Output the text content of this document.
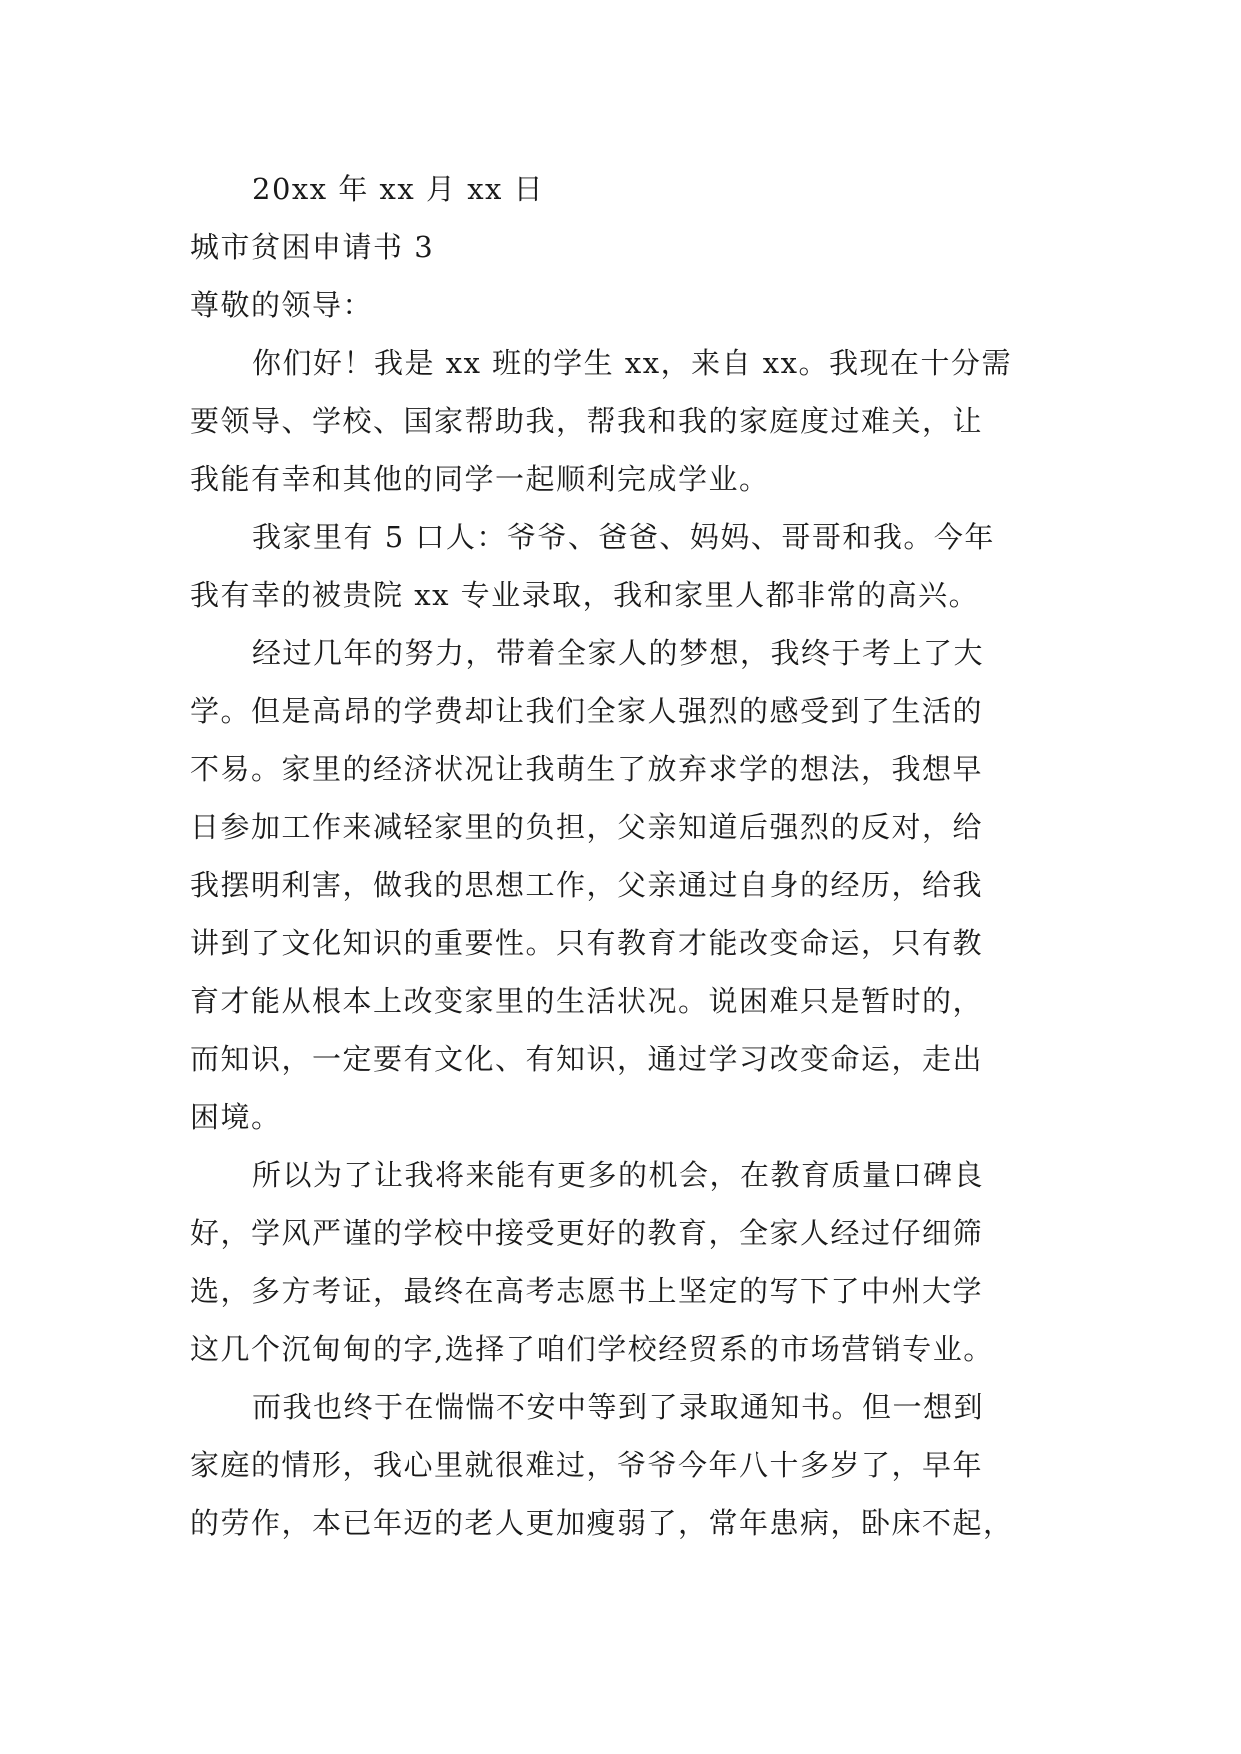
20xx 年 xx 月 xx 日
城市贫困申请书 3
尊敬的领导：
你们好！我是 xx 班的学生 xx，来自 xx。我现在十分需
要领导、学校、国家帮助我，帮我和我的家庭度过难关，让
我能有幸和其他的同学一起顺利完成学业。
我家里有 5 口人：爷爷、爸爸、妈妈、哥哥和我。今年
我有幸的被贵院 xx 专业录取，我和家里人都非常的高兴。
经过几年的努力，带着全家人的梦想，我终于考上了大
学。但是高昂的学费却让我们全家人强烈的感受到了生活的
不易。家里的经济状况让我萌生了放弃求学的想法，我想早
日参加工作来减轻家里的负担，父亲知道后强烈的反对，给
我摆明利害，做我的思想工作，父亲通过自身的经历，给我
讲到了文化知识的重要性。只有教育才能改变命运，只有教
育才能从根本上改变家里的生活状况。说困难只是暂时的，
而知识，一定要有文化、有知识，通过学习改变命运，走出
困境。
所以为了让我将来能有更多的机会，在教育质量口碑良
好，学风严谨的学校中接受更好的教育，全家人经过仔细筛
选，多方考证，最终在高考志愿书上坚定的写下了中州大学
这几个沉甸甸的字,选择了咱们学校经贸系的市场营销专业。
而我也终于在惴惴不安中等到了录取通知书。但一想到
家庭的情形，我心里就很难过，爷爷今年八十多岁了，早年
的劳作，本已年迈的老人更加瘦弱了，常年患病，卧床不起，
